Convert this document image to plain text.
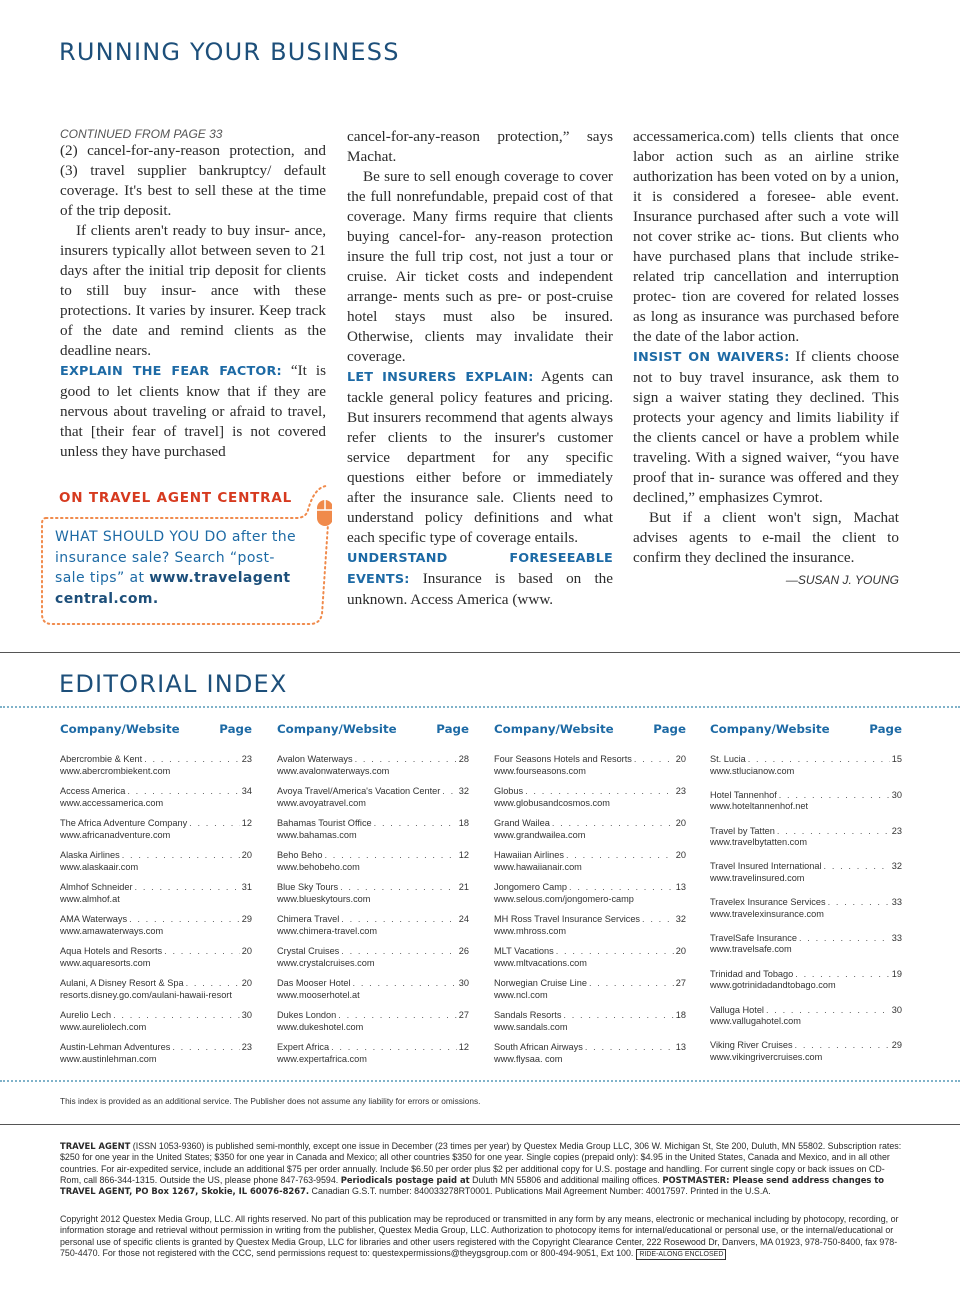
RUNNING YOUR BUSINESS
CONTINUED FROM PAGE 33

(2) cancel-for-any-reason protection, and (3) travel supplier bankruptcy/ default coverage. It's best to sell these at the time of the trip deposit.

If clients aren't ready to buy insur- ance, insurers typically allot between seven to 21 days after the initial trip deposit for clients to still buy insur- ance with these protections. It varies by insurer. Keep track of the date and remind clients as the deadline nears.

EXPLAIN THE FEAR FACTOR: “It is good to let clients know that if they are nervous about traveling or afraid to travel, that [their fear of travel] is not covered unless they have purchased

ON TRAVEL AGENT CENTRAL
WHAT SHOULD YOU DO after the insurance sale? Search “post- sale tips” at www.travelagent central.com.

cancel-for-any-reason protection,” says Machat.

Be sure to sell enough coverage to cover the full nonrefundable, prepaid cost of that coverage. Many firms require that clients buying cancel-for- any-reason protection insure the full trip cost, not just a tour or cruise. Air ticket costs and independent arrange- ments such as pre- or post-cruise hotel stays must also be insured. Otherwise, clients may invalidate their coverage.

LET INSURERS EXPLAIN: Agents can tackle general policy features and pricing. But insurers recommend that agents always refer clients to the insurer's customer service department for any specific questions either before or immediately after the insurance sale. Clients need to understand policy definitions and what each specific type of coverage entails.

UNDERSTAND FORESEEABLE EVENTS: Insurance is based on the unknown. Access America (www.

accessamerica.com) tells clients that once labor action such as an airline strike authorization has been voted on by a union, it is considered a foresee- able event. Insurance purchased after such a vote will not cover strike ac- tions. But clients who have purchased plans that include strike-related trip cancellation and interruption protec- tion are covered for related losses as long as insurance was purchased before the date of the labor action.

INSIST ON WAIVERS: If clients choose not to buy travel insurance, ask them to sign a waiver stating they declined. This protects your agency and limits liability if the clients cancel or have a problem while traveling. With a signed waiver, “you have proof that in- surance was offered and they declined,” emphasizes Cymrot.

But if a client won't sign, Machat advises agents to e-mail the client to confirm they declined the insurance.

—SUSAN J. YOUNG
EDITORIAL INDEX
Company/Website	Page
Abercrombie & Kent . . .	23
www.abercrombiekent.com
Access America . . .	34
www.accessamerica.com
The Africa Adventure Company . . .	12
www.africanadventure.com
Alaska Airlines . . .	20
www.alaskaair.com
Almhof Schneider . . .	31
www.almhof.at
AMA Waterways . . .	29
www.amawaterways.com
Aqua Hotels and Resorts . . .	20
www.aquaresorts.com
Aulani, A Disney Resort & Spa . . .	20
resorts.disney.go.com/aulani-hawaii-resort
Aurelio Lech . . .	30
www.aureliolech.com
Austin-Lehman Adventures . . .	23
www.austinlehman.com
Company/Website	Page
Avalon Waterways . . .	28
www.avalonwaterways.com
Avoya Travel/America's Vacation Center . . . 32
www.avoyatravel.com
Bahamas Tourist Office . . .	18
www.bahamas.com
Beho Beho . . .	12
www.behobeho.com
Blue Sky Tours . . .	21
www.blueskytours.com
Chimera Travel . . .	24
www.chimera-travel.com
Crystal Cruises . . .	26
www.crystalcruises.com
Das Mooser Hotel . . .	30
www.mooserhotel.at
Dukes London . . .	27
www.dukeshotel.com
Expert Africa . . .	12
www.expertafrica.com
Company/Website	Page
Four Seasons Hotels and Resorts . . .	20
www.fourseasons.com
Globus . . .	23
www.globusandcosmos.com
Grand Wailea . . .	20
www.grandwailea.com
Hawaiian Airlines . . .	20
www.hawaiianair.com
Jongomero Camp . . .	13
www.selous.com/jongomero-camp
MH Ross Travel Insurance Services . . .	32
www.mhross.com
MLT Vacations . . .	20
www.mltvacations.com
Norwegian Cruise Line . . .	27
www.ncl.com
Sandals Resorts . . .	18
www.sandals.com
South African Airways . . .	13
www.flysaa. com
Company/Website	Page
St. Lucia . . .	15
www.stlucianow.com
Hotel Tannenhof . . .	30
www.hoteltannenhof.net
Travel by Tatten . . .	23
www.travelbytatten.com
Travel Insured International . . .	32
www.travelinsured.com
Travelex Insurance Services . . .	33
www.travelexinsurance.com
TravelSafe Insurance . . .	33
www.travelsafe.com
Trinidad and Tobago . . .	19
www.gotrinidadandtobago.com
Valluga Hotel . . .	30
www.vallugahotel.com
Viking River Cruises . . .	29
www.vikingrivercruises.com
This index is provided as an additional service. The Publisher does not assume any liability for errors or omissions.
TRAVEL AGENT (ISSN 1053-9360) is published semi-monthly, except one issue in December (23 times per year) by Questex Media Group LLC, 306 W. Michigan St, Ste 200, Duluth, MN 55802. Subscription rates: $250 for one year in the United States; $350 for one year in Canada and Mexico; all other countries $350 for one year. Single copies (prepaid only): $4.95 in the United States, Canada and Mexico, and in all other countries. For air-expedited service, include an additional $75 per order annually. Include $6.50 per order plus $2 per additional copy for U.S. postage and handling. For current single copy or back issues on CD-Rom, call 866-344-1315. Outside the US, please phone 847-763-9594. Periodicals postage paid at Duluth MN 55806 and additional mailing offices. POSTMASTER: Please send address changes to TRAVEL AGENT, PO Box 1267, Skokie, IL 60076-8267. Canadian G.S.T. number: 840033278RT0001. Publications Mail Agreement Number: 40017597. Printed in the U.S.A.
Copyright 2012 Questex Media Group, LLC. All rights reserved. No part of this publication may be reproduced or transmitted in any form by any means, electronic or mechanical including by photocopy, recording, or information storage and retrieval without permission in writing from the publisher, Questex Media Group, LLC. Authorization to photocopy items for internal/educational or personal use, or the internal/educational or personal use of specific clients is granted by Questex Media Group, LLC for libraries and other users registered with the Copyright Clearance Center, 222 Rosewood Dr, Danvers, MA 01923, 978-750-8400, fax 978-750-4470. For those not registered with the CCC, send permissions request to: questexpermissions@theygsgroup.com or 800-494-9051, Ext 100. RIDE-ALONG ENCLOSED
